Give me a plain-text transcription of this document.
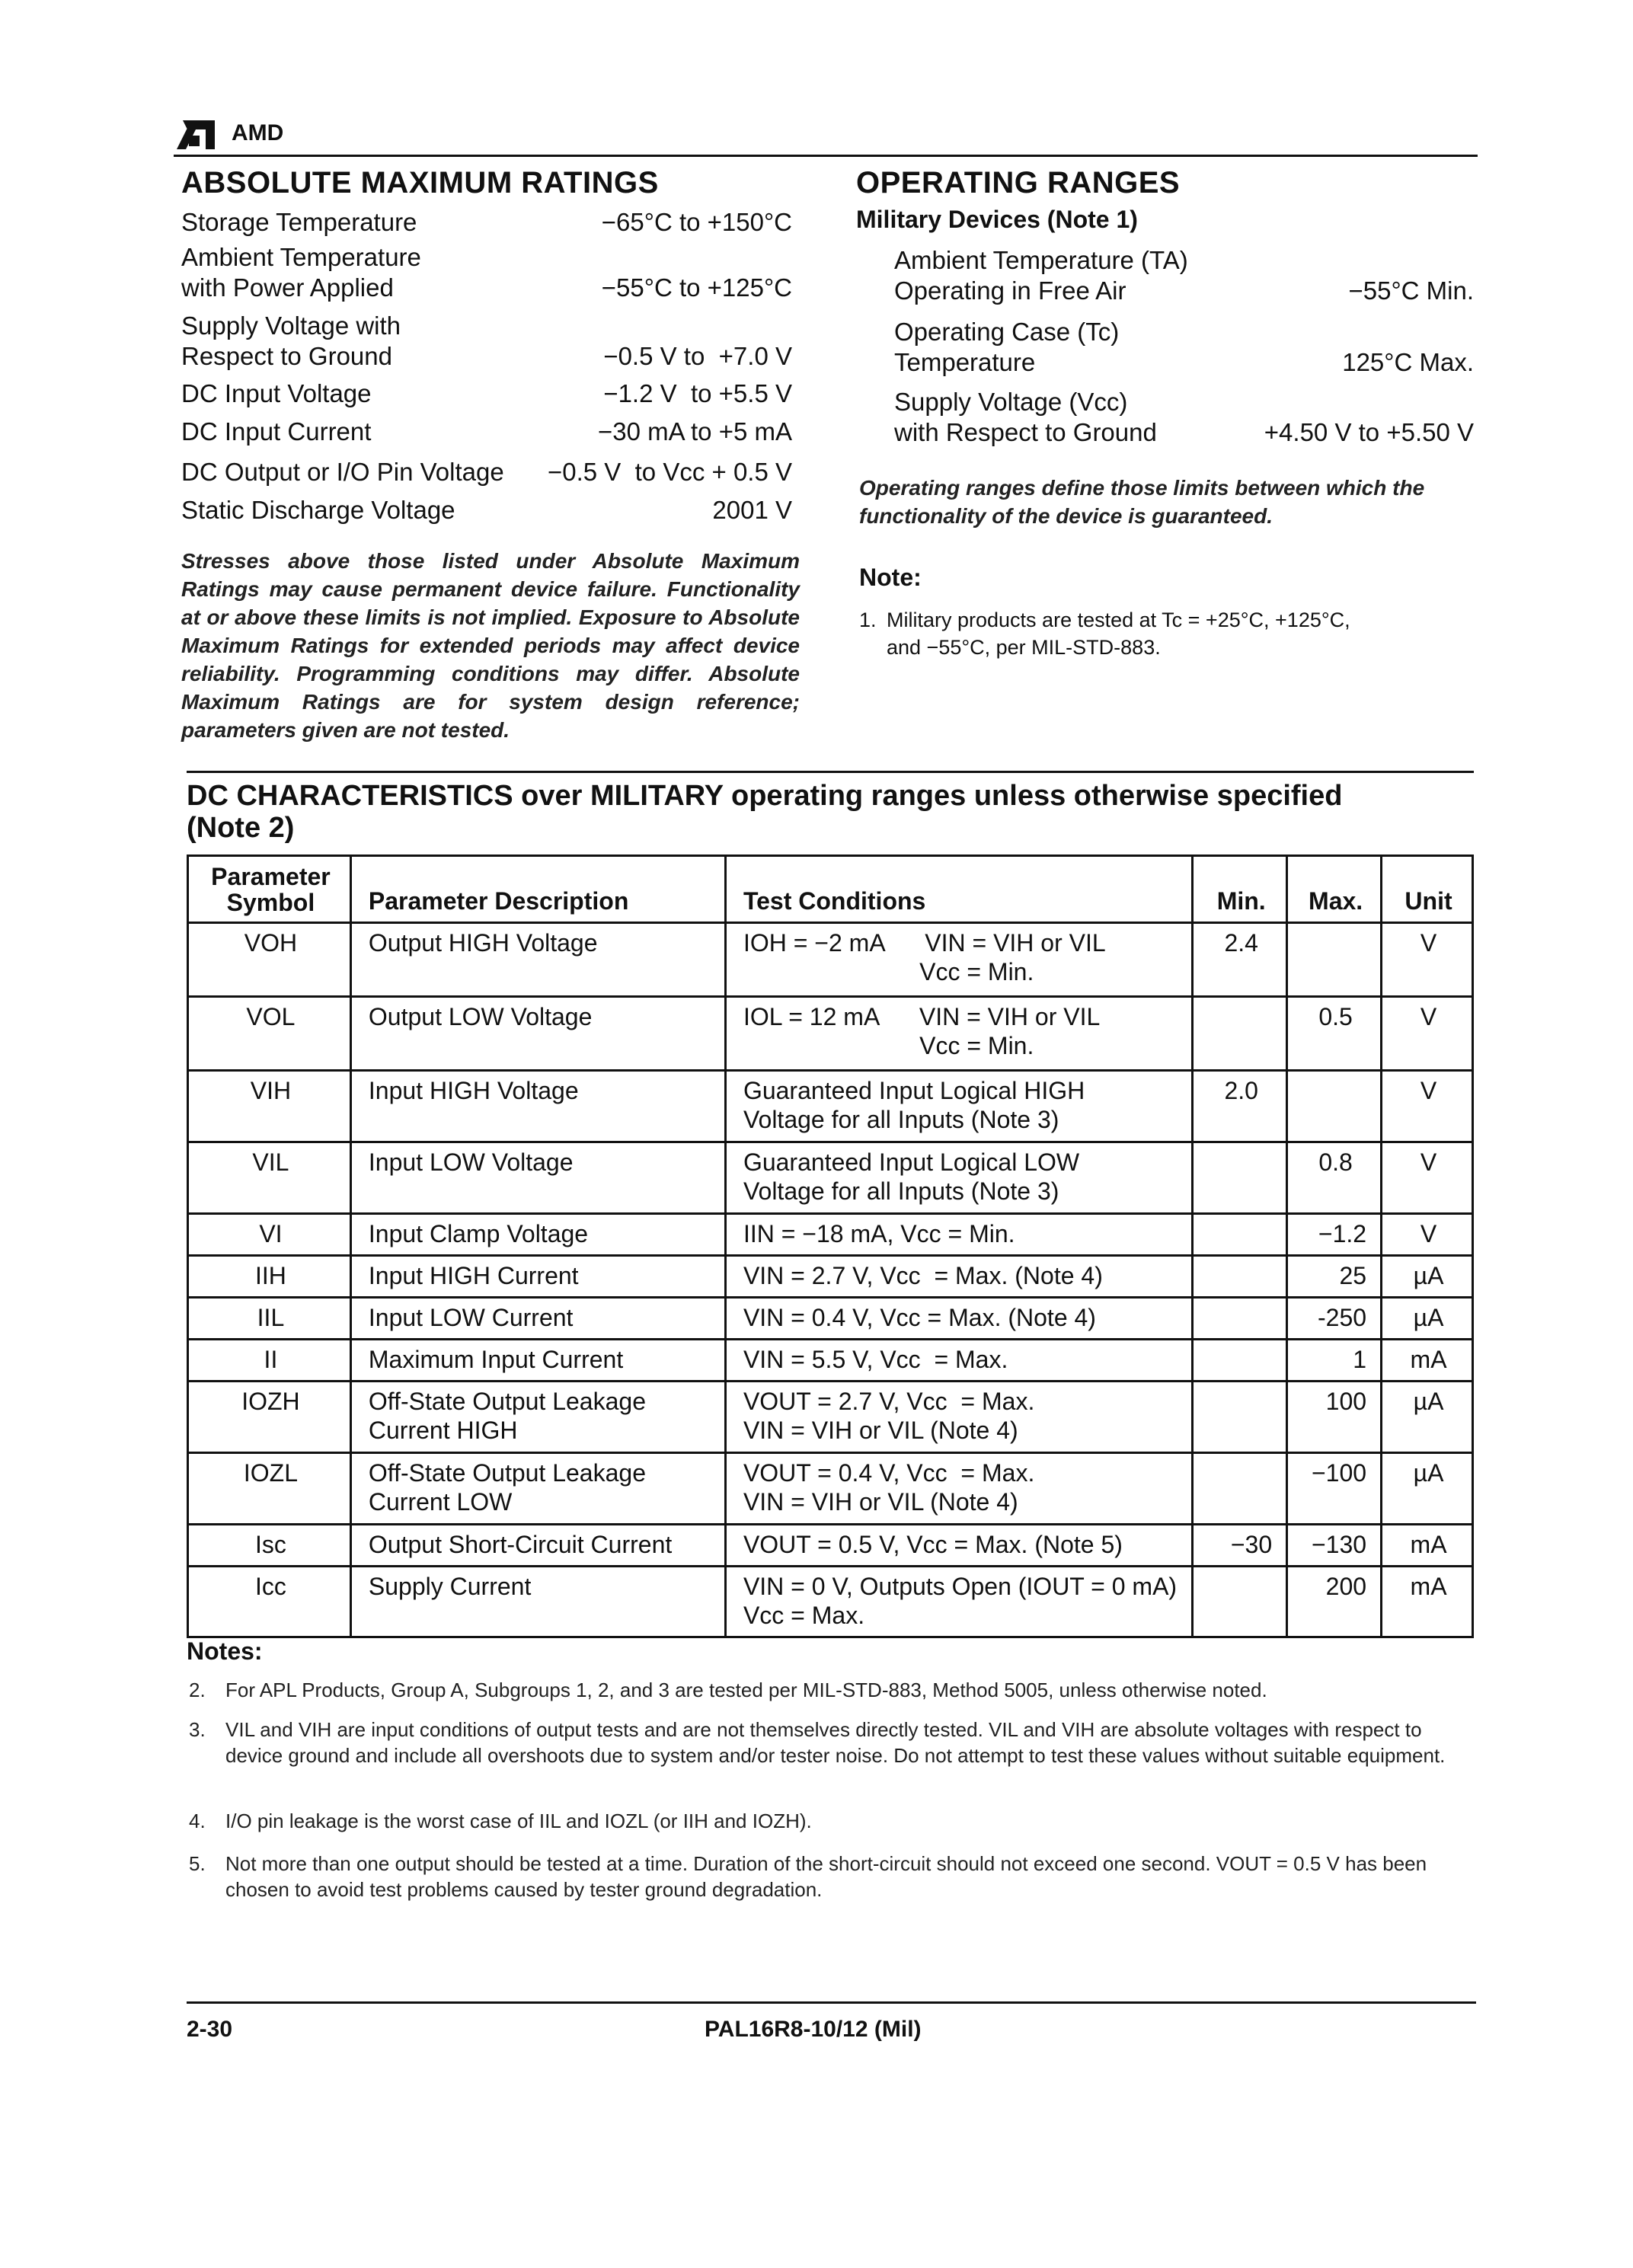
AMD
ABSOLUTE MAXIMUM RATINGS
Storage Temperature	−65°C to +150°C
Ambient Temperature
with Power Applied	−55°C to +125°C
Supply Voltage with
Respect to Ground	−0.5 V to  +7.0 V
DC Input Voltage	−1.2 V  to +5.5 V
DC Input Current	−30 mA to +5 mA
DC Output or I/O Pin Voltage	−0.5 V  to Vcc + 0.5 V
Static Discharge Voltage	2001 V
Stresses above those listed under Absolute Maximum Ratings may cause permanent device failure. Functionality at or above these limits is not implied. Exposure to Absolute Maximum Ratings for extended periods may affect device reliability. Programming conditions may differ. Absolute Maximum Ratings are for system design reference; parameters given are not tested.
OPERATING RANGES
Military Devices (Note 1)
Ambient Temperature (TA)
Operating in Free Air	−55°C Min.
Operating Case (Tc)
Temperature	125°C Max.
Supply Voltage (Vcc)
with Respect to Ground	+4.50 V to +5.50 V
Operating ranges define those limits between which the functionality of the device is guaranteed.
Note:
1. Military products are tested at Tc = +25°C, +125°C,
and −55°C, per MIL-STD-883.
DC CHARACTERISTICS over MILITARY operating ranges unless otherwise specified
(Note 2)
Parameter
Symbol	Parameter Description	Test Conditions	Min.	Max.	Unit
VOH	Output HIGH Voltage	IOH = −2 mA      VIN = VIH or VIL
Vcc = Min.	2.4		V
VOL	Output LOW Voltage	IOL = 12 mA      VIN = VIH or VIL
Vcc = Min.		0.5	V
VIH	Input HIGH Voltage	Guaranteed Input Logical HIGH
Voltage for all Inputs (Note 3)	2.0		V
VIL	Input LOW Voltage	Guaranteed Input Logical LOW
Voltage for all Inputs (Note 3)		0.8	V
VI	Input Clamp Voltage	IIN = −18 mA, Vcc = Min.		−1.2	V
IIH	Input HIGH Current	VIN = 2.7 V, Vcc  = Max. (Note 4)		25	µA
IIL	Input LOW Current	VIN = 0.4 V, Vcc = Max. (Note 4)		-250	µA
II	Maximum Input Current	VIN = 5.5 V, Vcc  = Max.		1	mA
IOZH	Off-State Output Leakage
Current HIGH	VOUT = 2.7 V, Vcc  = Max.
VIN = VIH or VIL (Note 4)		100	µA
IOZL	Off-State Output Leakage
Current LOW	VOUT = 0.4 V, Vcc  = Max.
VIN = VIH or VIL (Note 4)		−100	µA
Isc	Output Short-Circuit Current	VOUT = 0.5 V, Vcc = Max. (Note 5)	−30	−130	mA
Icc	Supply Current	VIN = 0 V, Outputs Open (IOUT = 0 mA)
Vcc = Max.		200	mA
Notes:
2. For APL Products, Group A, Subgroups 1, 2, and 3 are tested per MIL-STD-883, Method 5005, unless otherwise noted.
3. VIL and VIH are input conditions of output tests and are not themselves directly tested. VIL and VIH are absolute voltages with respect to device ground and include all overshoots due to system and/or tester noise. Do not attempt to test these values without suitable equipment.
4. I/O pin leakage is the worst case of IIL and IOZL (or IIH and IOZH).
5. Not more than one output should be tested at a time. Duration of the short-circuit should not exceed one second. VOUT = 0.5 V has been chosen to avoid test problems caused by tester ground degradation.
2-30	PAL16R8-10/12 (Mil)
